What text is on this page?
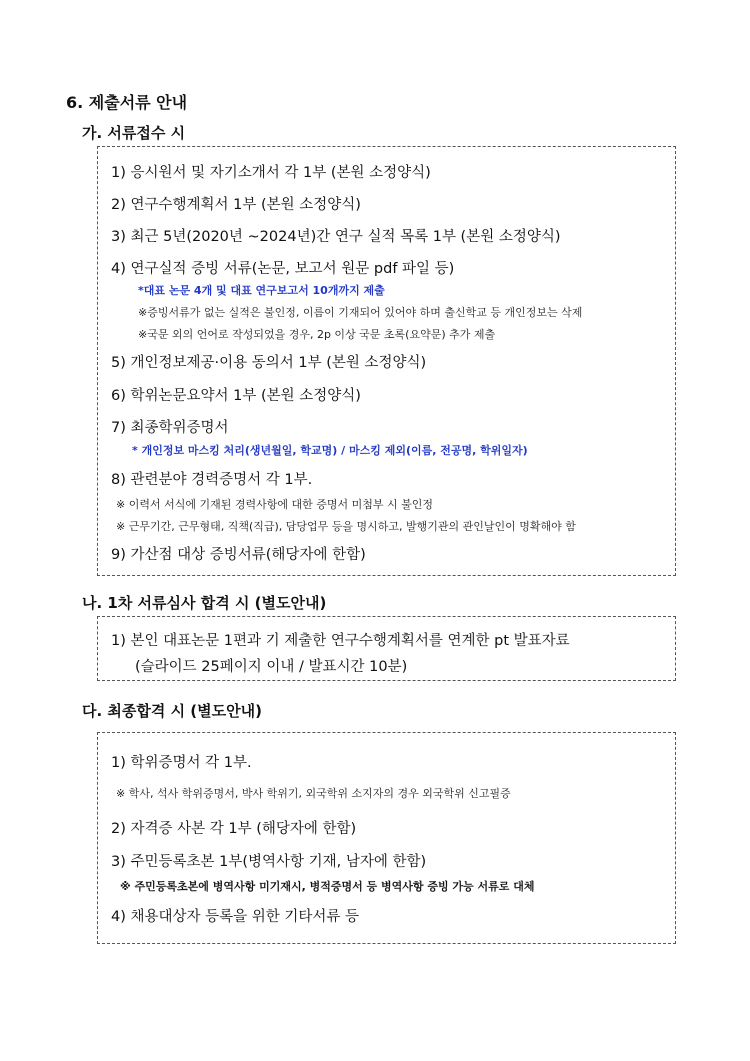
6. 제출서류 안내
가. 서류접수 시
1) 응시원서 및 자기소개서 각 1부 (본원 소정양식)
2) 연구수행계획서 1부 (본원 소정양식)
3) 최근 5년(2020년 ~2024년)간 연구 실적 목록 1부 (본원 소정양식)
4) 연구실적 증빙 서류(논문, 보고서 원문 pdf 파일 등)
*대표 논문 4개 및 대표 연구보고서 10개까지 제출
※증빙서류가 없는 실적은 불인정, 이름이 기재되어 있어야 하며 출신학교 등 개인정보는 삭제
※국문 외의 언어로 작성되었을 경우, 2p 이상 국문 초록(요약문) 추가 제출
5) 개인정보제공·이용 동의서 1부 (본원 소정양식)
6) 학위논문요약서 1부 (본원 소정양식)
7) 최종학위증명서
* 개인정보 마스킹 처리(생년월일, 학교명) / 마스킹 제외(이름, 전공명, 학위일자)
8) 관련분야 경력증명서 각 1부.
※ 이력서 서식에 기재된 경력사항에 대한 증명서 미첨부 시 불인정
※ 근무기간, 근무형태, 직책(직급), 담당업무 등을 명시하고, 발행기관의 관인날인이 명확해야 함
9) 가산점 대상 증빙서류(해당자에 한함)
나. 1차 서류심사 합격 시 (별도안내)
1) 본인 대표논문 1편과 기 제출한 연구수행계획서를 연계한 pt 발표자료
(슬라이드 25페이지 이내 / 발표시간 10분)
다. 최종합격 시 (별도안내)
1) 학위증명서 각 1부.
※ 학사, 석사 학위증명서, 박사 학위기, 외국학위 소지자의 경우 외국학위 신고필증
2) 자격증 사본 각 1부 (해당자에 한함)
3) 주민등록초본 1부(병역사항 기재, 남자에 한함)
※ 주민등록초본에 병역사항 미기재시, 병적증명서 등 병역사항 증빙 가능 서류로 대체
4) 채용대상자 등록을 위한 기타서류 등
